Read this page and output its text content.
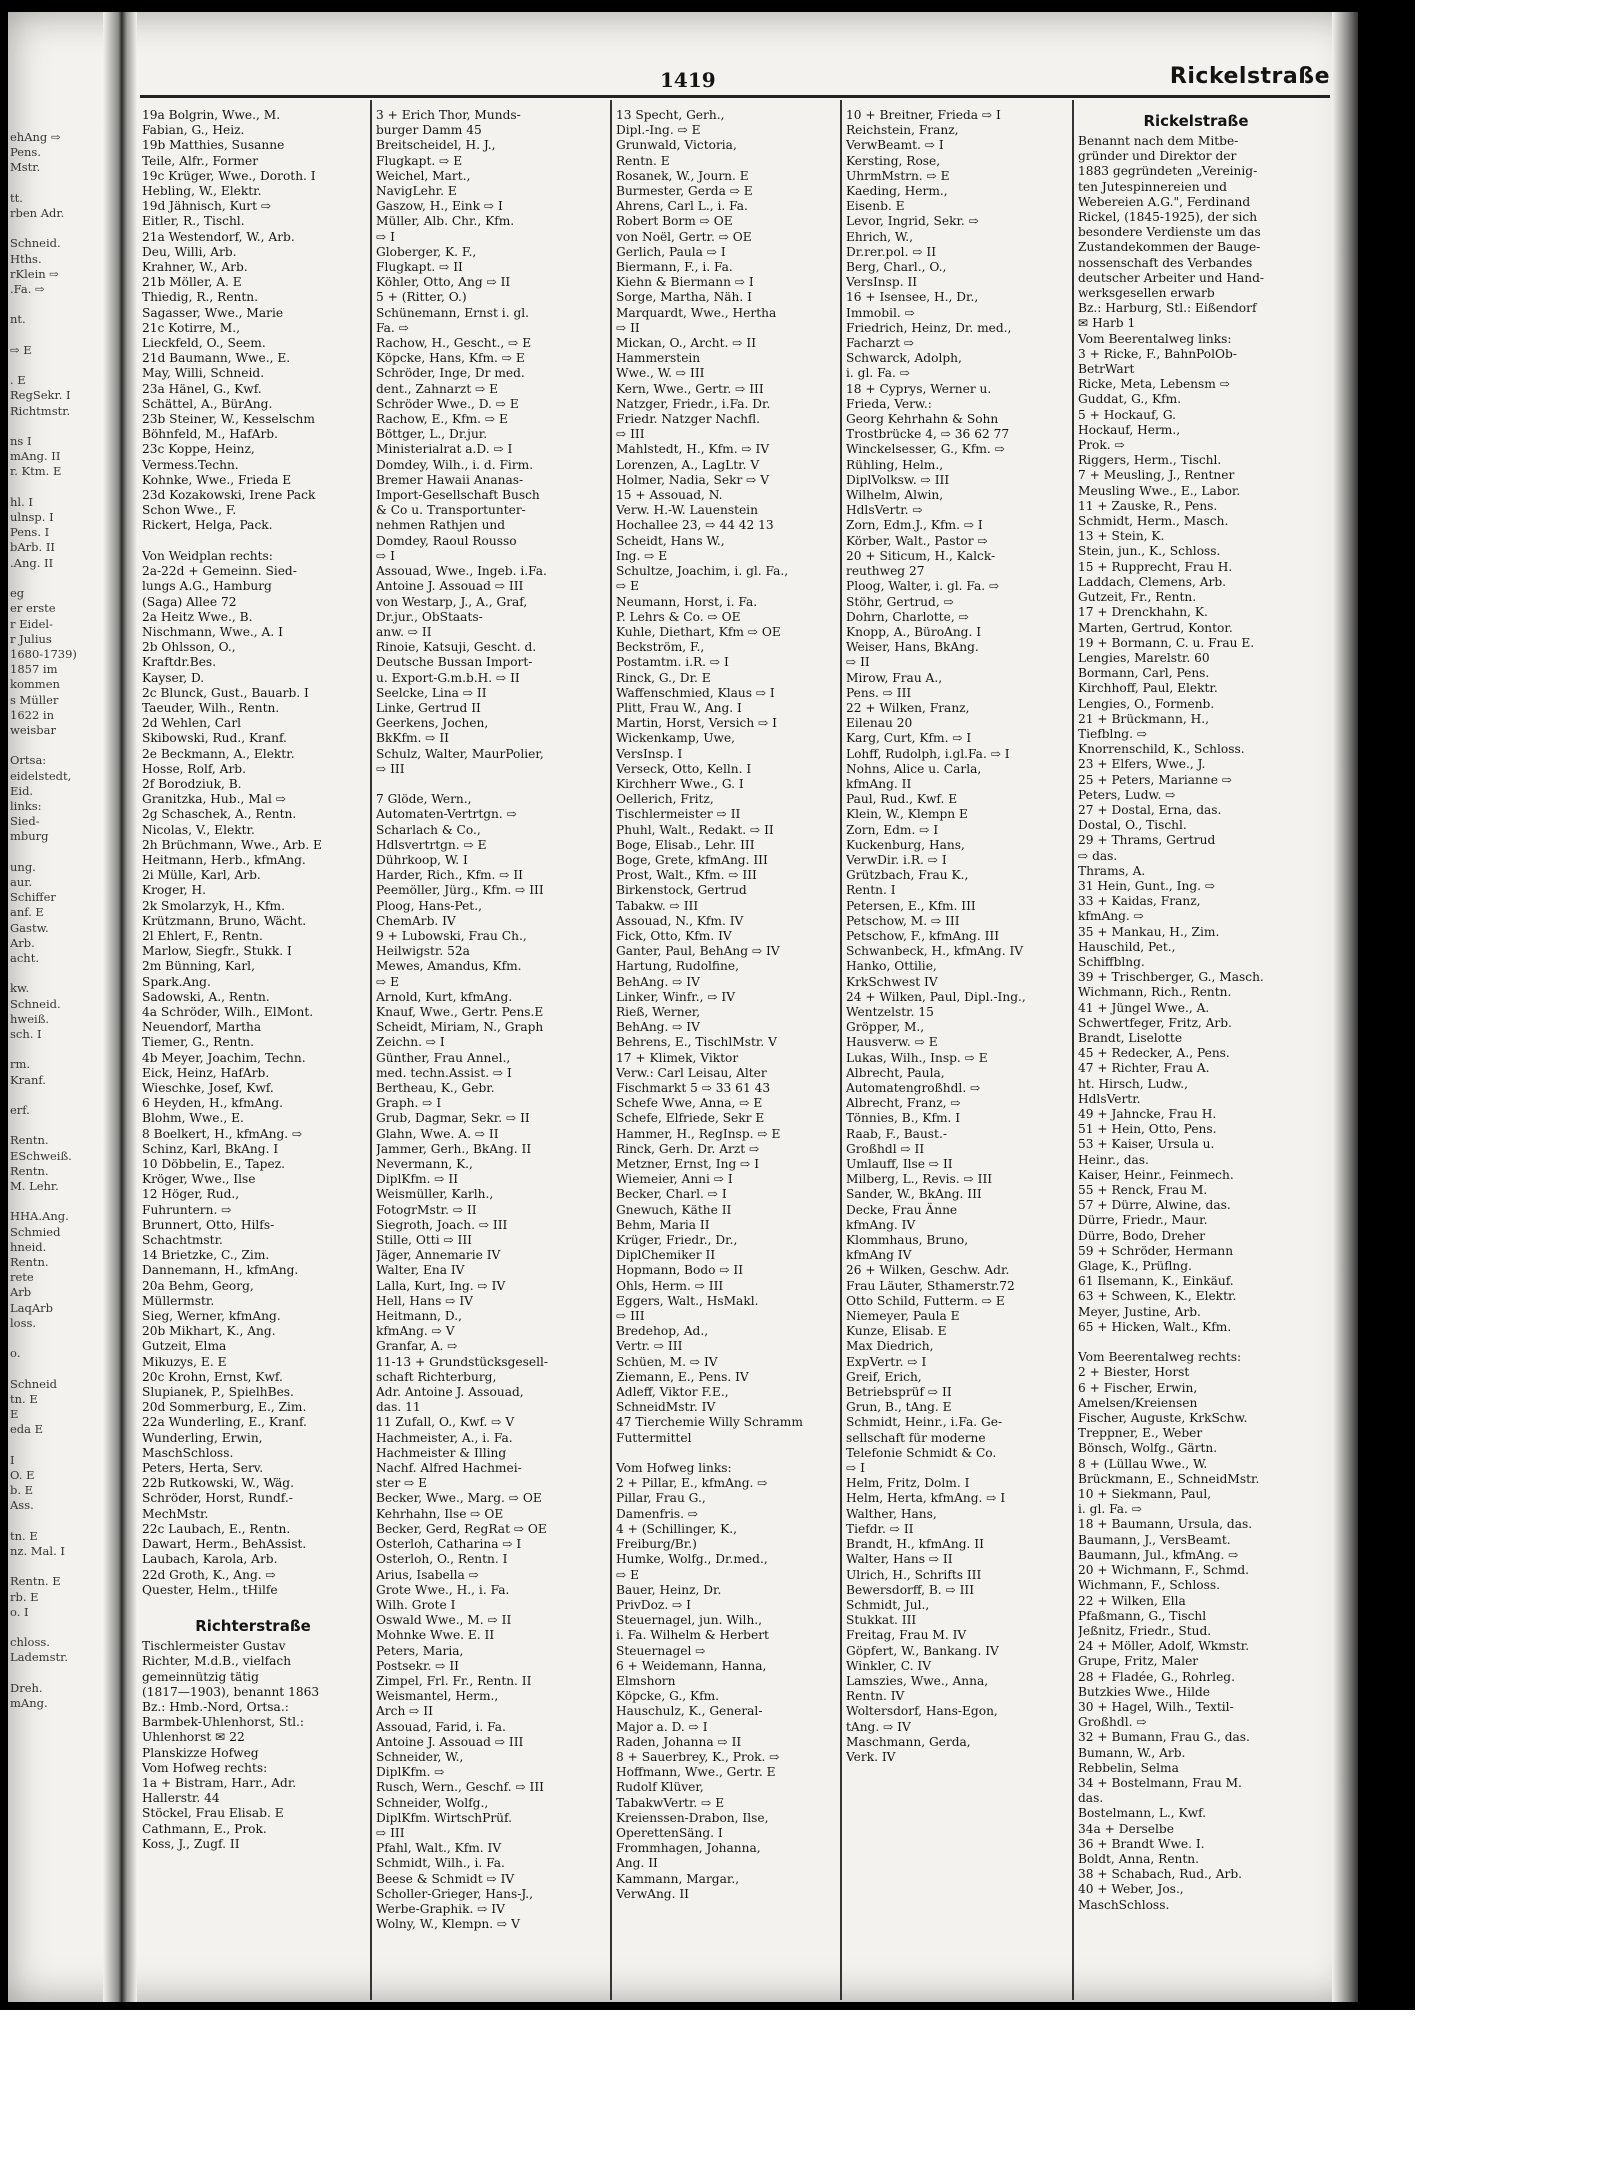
1419	Rickelstraße
ehAng ⇨
Pens.
Mstr.

tt.
rben Adr.

Schneid.
Hths.
rKlein ⇨
.Fa. ⇨

nt.

⇨ E

. E
RegSekr. I
Richtmstr.

ns I
mAng. II
r. Ktm. E

hl. I
ulnsp. I
Pens. I
bArb. II
.Ang. II

eg
er erste
r Eidel-
r Julius
1680-1739)
1857 im
kommen
s Müller
1622 in
weisbar

Ortsa:
eidelstedt,
Eid.
links:
Sied-
mburg

ung.
aur.
Schiffer
anf. E
Gastw.
Arb.
acht.

kw.
Schneid.
hweiß.
sch. I

rm.
Kranf.

erf.

Rentn.
ESchweiß.
Rentn.
M. Lehr.

HHA.Ang.
Schmied
hneid.
Rentn.
rete
Arb
LaqArb
loss.

o.

Schneid
tn. E
E
eda E

I
O. E
b. E
Ass.

tn. E
nz. Mal. I

Rentn. E
rb. E
o. I

chloss.
Lademstr.

Dreh.
mAng.
19a Bolgrin, Wwe., M.
Fabian, G., Heiz.
19b Matthies, Susanne
Teile, Alfr., Former
19c Krüger, Wwe., Doroth. I
Hebling, W., Elektr.
19d Jähnisch, Kurt ⇨
Eitler, R., Tischl.
21a Westendorf, W., Arb.
Deu, Willi, Arb.
Krahner, W., Arb.
21b Möller, A. E
Thiedig, R., Rentn.
Sagasser, Wwe., Marie
21c Kotirre, M.,
Lieckfeld, O., Seem.
21d Baumann, Wwe., E.
May, Willi, Schneid.
23a Hänel, G., Kwf.
Schättel, A., BürAng.
23b Steiner, W., Kesselschm
Böhnfeld, M., HafArb.
23c Koppe, Heinz,
Vermess.Techn.
Kohnke, Wwe., Frieda E
23d Kozakowski, Irene Pack
Schon Wwe., F.
Rickert, Helga, Pack.

Von Weidplan rechts:
2a-22d + Gemeinn. Sied-
lungs A.G., Hamburg
(Saga) Allee 72
2a Heitz Wwe., B.
Nischmann, Wwe., A. I
2b Ohlsson, O.,
Kraftdr.Bes.
Kayser, D.
2c Blunck, Gust., Bauarb. I
Taeuder, Wilh., Rentn.
2d Wehlen, Carl
Skibowski, Rud., Kranf.
2e Beckmann, A., Elektr.
Hosse, Rolf, Arb.
2f Borodziuk, B.
Granitzka, Hub., Mal ⇨
2g Schaschek, A., Rentn.
Nicolas, V., Elektr.
2h Brüchmann, Wwe., Arb. E
Heitmann, Herb., kfmAng.
2i Mülle, Karl, Arb.
Kroger, H.
2k Smolarzyk, H., Kfm.
Krützmann, Bruno, Wächt.
2l Ehlert, F., Rentn.
Marlow, Siegfr., Stukk. I
2m Bünning, Karl,
Spark.Ang.
Sadowski, A., Rentn.
4a Schröder, Wilh., ElMont.
Neuendorf, Martha
Tiemer, G., Rentn.
4b Meyer, Joachim, Techn.
Eick, Heinz, HafArb.
Wieschke, Josef, Kwf.
6 Heyden, H., kfmAng.
Blohm, Wwe., E.
8 Boelkert, H., kfmAng. ⇨
Schinz, Karl, BkAng. I
10 Döbbelin, E., Tapez.
Kröger, Wwe., Ilse
12 Höger, Rud.,
Fuhruntern. ⇨
Brunnert, Otto, Hilfs-
Schachtmstr.
14 Brietzke, C., Zim.
Dannemann, H., kfmAng.
20a Behm, Georg,
Müllermstr.
Sieg, Werner, kfmAng.
20b Mikhart, K., Ang.
Gutzeit, Elma
Mikuzys, E. E
20c Krohn, Ernst, Kwf.
Slupianek, P., SpielhBes.
20d Sommerburg, E., Zim.
22a Wunderling, E., Kranf.
Wunderling, Erwin,
MaschSchloss.
Peters, Herta, Serv.
22b Rutkowski, W., Wäg.
Schröder, Horst, Rundf.-
MechMstr.
22c Laubach, E., Rentn.
Dawart, Herm., BehAssist.
Laubach, Karola, Arb.
22d Groth, K., Ang. ⇨
Quester, Helm., tHilfe

Richterstraße
Tischlermeister Gustav
Richter, M.d.B., vielfach
gemeinnützig tätig
(1817—1903), benannt 1863
Bz.: Hmb.-Nord, Ortsa.:
Barmbek-Uhlenhorst, Stl.:
Uhlenhorst ✉ 22
Planskizze Hofweg
Vom Hofweg rechts:
1a + Bistram, Harr., Adr.
Hallerstr. 44
Stöckel, Frau Elisab. E
Cathmann, E., Prok.
Koss, J., Zugf. II
3 + Erich Thor, Munds-
burger Damm 45
Breitscheidel, H. J.,
Flugkapt. ⇨ E
Weichel, Mart.,
NavigLehr. E
Gaszow, H., Eink ⇨ I
Müller, Alb. Chr., Kfm.
⇨ I
Globerger, K. F.,
Flugkapt. ⇨ II
Köhler, Otto, Ang ⇨ II
5 + (Ritter, O.)
Schünemann, Ernst i. gl.
Fa. ⇨
Rachow, H., Gescht., ⇨ E
Köpcke, Hans, Kfm. ⇨ E
Schröder, Inge, Dr med.
dent., Zahnarzt ⇨ E
Schröder Wwe., D. ⇨ E
Rachow, E., Kfm. ⇨ E
Böttger, L., Dr.jur.
Ministerialrat a.D. ⇨ I
Domdey, Wilh., i. d. Firm.
Bremer Hawaii Ananas-
Import-Gesellschaft Busch
& Co u. Transportunter-
nehmen Rathjen und
Domdey, Raoul Rousso
⇨ I
Assouad, Wwe., Ingeb. i.Fa.
Antoine J. Assouad ⇨ III
von Westarp, J., A., Graf,
Dr.jur., ObStaats-
anw. ⇨ II
Rinoie, Katsuji, Gescht. d.
Deutsche Bussan Import-
u. Export-G.m.b.H. ⇨ II
Seelcke, Lina ⇨ II
Linke, Gertrud II
Geerkens, Jochen,
BkKfm. ⇨ II
Schulz, Walter, MaurPolier,
⇨ III

7 Glöde, Wern.,
Automaten-Vertrtgn. ⇨
Scharlach & Co.,
Hdlsvertrtgn. ⇨ E
Dührkoop, W. I
Harder, Rich., Kfm. ⇨ II
Peemöller, Jürg., Kfm. ⇨ III
Ploog, Hans-Pet.,
ChemArb. IV
9 + Lubowski, Frau Ch.,
Heilwigstr. 52a
Mewes, Amandus, Kfm.
⇨ E
Arnold, Kurt, kfmAng.
Knauf, Wwe., Gertr. Pens.E
Scheidt, Miriam, N., Graph
Zeichn. ⇨ I
Günther, Frau Annel.,
med. techn.Assist. ⇨ I
Bertheau, K., Gebr.
Graph. ⇨ I
Grub, Dagmar, Sekr. ⇨ II
Glahn, Wwe. A. ⇨ II
Jammer, Gerh., BkAng. II
Nevermann, K.,
DiplKfm. ⇨ II
Weismüller, Karlh.,
FotogrMstr. ⇨ II
Siegroth, Joach. ⇨ III
Stille, Otti ⇨ III
Jäger, Annemarie IV
Walter, Ena IV
Lalla, Kurt, Ing. ⇨ IV
Hell, Hans ⇨ IV
Heitmann, D.,
kfmAng. ⇨ V
Granfar, A. ⇨
11-13 + Grundstücksgesell-
schaft Richterburg,
Adr. Antoine J. Assouad,
das. 11
11 Zufall, O., Kwf. ⇨ V
Hachmeister, A., i. Fa.
Hachmeister & Illing
Nachf. Alfred Hachmei-
ster ⇨ E
Becker, Wwe., Marg. ⇨ OE
Kehrhahn, Ilse ⇨ OE
Becker, Gerd, RegRat ⇨ OE
Osterloh, Catharina ⇨ I
Osterloh, O., Rentn. I
Arius, Isabella ⇨
Grote Wwe., H., i. Fa.
Wilh. Grote I
Oswald Wwe., M. ⇨ II
Mohnke Wwe. E. II
Peters, Maria,
Postsekr. ⇨ II
Zimpel, Frl. Fr., Rentn. II
Weismantel, Herm.,
Arch ⇨ II
Assouad, Farid, i. Fa.
Antoine J. Assouad ⇨ III
Schneider, W.,
DiplKfm. ⇨
Rusch, Wern., Geschf. ⇨ III
Schneider, Wolfg.,
DiplKfm. WirtschPrüf.
⇨ III
Pfahl, Walt., Kfm. IV
Schmidt, Wilh., i. Fa.
Beese & Schmidt ⇨ IV
Scholler-Grieger, Hans-J.,
Werbe-Graphik. ⇨ IV
Wolny, W., Klempn. ⇨ V
13 Specht, Gerh.,
Dipl.-Ing. ⇨ E
Grunwald, Victoria,
Rentn. E
Rosanek, W., Journ. E
Burmester, Gerda ⇨ E
Ahrens, Carl L., i. Fa.
Robert Borm ⇨ OE
von Noël, Gertr. ⇨ OE
Gerlich, Paula ⇨ I
Biermann, F., i. Fa.
Kiehn & Biermann ⇨ I
Sorge, Martha, Näh. I
Marquardt, Wwe., Hertha
⇨ II
Mickan, O., Archt. ⇨ II
Hammerstein
Wwe., W. ⇨ III
Kern, Wwe., Gertr. ⇨ III
Natzger, Friedr., i.Fa. Dr.
Friedr. Natzger Nachfl.
⇨ III
Mahlstedt, H., Kfm. ⇨ IV
Lorenzen, A., LagLtr. V
Holmer, Nadia, Sekr ⇨ V
15 + Assouad, N.
Verw. H.-W. Lauenstein
Hochallee 23, ⇨ 44 42 13
Scheidt, Hans W.,
Ing. ⇨ E
Schultze, Joachim, i. gl. Fa.,
⇨ E
Neumann, Horst, i. Fa.
P. Lehrs & Co. ⇨ OE
Kuhle, Diethart, Kfm ⇨ OE
Beckström, F.,
Postamtm. i.R. ⇨ I
Rinck, G., Dr. E
Waffenschmied, Klaus ⇨ I
Plitt, Frau W., Ang. I
Martin, Horst, Versich ⇨ I
Wickenkamp, Uwe,
VersInsp. I
Verseck, Otto, Kelln. I
Kirchherr Wwe., G. I
Oellerich, Fritz,
Tischlermeister ⇨ II
Phuhl, Walt., Redakt. ⇨ II
Boge, Elisab., Lehr. III
Boge, Grete, kfmAng. III
Prost, Walt., Kfm. ⇨ III
Birkenstock, Gertrud
Tabakw. ⇨ III
Assouad, N., Kfm. IV
Fick, Otto, Kfm. IV
Ganter, Paul, BehAng ⇨ IV
Hartung, Rudolfine,
BehAng. ⇨ IV
Linker, Winfr., ⇨ IV
Rieß, Werner,
BehAng. ⇨ IV
Behrens, E., TischlMstr. V
17 + Klimek, Viktor
Verw.: Carl Leisau, Alter
Fischmarkt 5 ⇨ 33 61 43
Schefe Wwe, Anna, ⇨ E
Schefe, Elfriede, Sekr E
Hammer, H., RegInsp. ⇨ E
Rinck, Gerh. Dr. Arzt ⇨
Metzner, Ernst, Ing ⇨ I
Wiemeier, Anni ⇨ I
Becker, Charl. ⇨ I
Gnewuch, Käthe II
Behm, Maria II
Krüger, Friedr., Dr.,
DiplChemiker II
Hopmann, Bodo ⇨ II
Ohls, Herm. ⇨ III
Eggers, Walt., HsMakl.
⇨ III
Bredehop, Ad.,
Vertr. ⇨ III
Schüen, M. ⇨ IV
Ziemann, E., Pens. IV
Adleff, Viktor F.E.,
SchneidMstr. IV
47 Tierchemie Willy Schramm
Futtermittel

Vom Hofweg links:
2 + Pillar, E., kfmAng. ⇨
Pillar, Frau G.,
Damenfris. ⇨
4 + (Schillinger, K.,
Freiburg/Br.)
Humke, Wolfg., Dr.med.,
⇨ E
Bauer, Heinz, Dr.
PrivDoz. ⇨ I
Steuernagel, jun. Wilh.,
i. Fa. Wilhelm & Herbert
Steuernagel ⇨
6 + Weidemann, Hanna,
Elmshorn
Köpcke, G., Kfm.
Hauschulz, K., General-
Major a. D. ⇨ I
Raden, Johanna ⇨ II
8 + Sauerbrey, K., Prok. ⇨
Hoffmann, Wwe., Gertr. E
Rudolf Klüver,
TabakwVertr. ⇨ E
Kreienssen-Drabon, Ilse,
OperettenSäng. I
Frommhagen, Johanna,
Ang. II
Kammann, Margar.,
VerwAng. II
10 + Breitner, Frieda ⇨ I
Reichstein, Franz,
VerwBeamt. ⇨ I
Kersting, Rose,
UhrmMstrn. ⇨ E
Kaeding, Herm.,
Eisenb. E
Levor, Ingrid, Sekr. ⇨
Ehrich, W.,
Dr.rer.pol. ⇨ II
Berg, Charl., O.,
VersInsp. II
16 + Isensee, H., Dr.,
Immobil. ⇨
Friedrich, Heinz, Dr. med.,
Facharzt ⇨
Schwarck, Adolph,
i. gl. Fa. ⇨
18 + Cyprys, Werner u.
Frieda, Verw.:
Georg Kehrhahn & Sohn
Trostbrücke 4, ⇨ 36 62 77
Winckelsesser, G., Kfm. ⇨
Rühling, Helm.,
DiplVolksw. ⇨ III
Wilhelm, Alwin,
HdlsVertr. ⇨
Zorn, Edm.J., Kfm. ⇨ I
Körber, Walt., Pastor ⇨
20 + Siticum, H., Kalck-
reuthweg 27
Ploog, Walter, i. gl. Fa. ⇨
Stöhr, Gertrud, ⇨
Dohrn, Charlotte, ⇨
Knopp, A., BüroAng. I
Weiser, Hans, BkAng.
⇨ II
Mirow, Frau A.,
Pens. ⇨ III
22 + Wilken, Franz,
Eilenau 20
Karg, Curt, Kfm. ⇨ I
Lohff, Rudolph, i.gl.Fa. ⇨ I
Nohns, Alice u. Carla,
kfmAng. II
Paul, Rud., Kwf. E
Klein, W., Klempn E
Zorn, Edm. ⇨ I
Kuckenburg, Hans,
VerwDir. i.R. ⇨ I
Grützbach, Frau K.,
Rentn. I
Petersen, E., Kfm. III
Petschow, M. ⇨ III
Petschow, F., kfmAng. III
Schwanbeck, H., kfmAng. IV
Hanko, Ottilie,
KrkSchwest IV
24 + Wilken, Paul, Dipl.-Ing.,
Wentzelstr. 15
Gröpper, M.,
Hausverw. ⇨ E
Lukas, Wilh., Insp. ⇨ E
Albrecht, Paula,
Automatengroßhdl. ⇨
Albrecht, Franz, ⇨
Tönnies, B., Kfm. I
Raab, F., Baust.-
Großhdl ⇨ II
Umlauff, Ilse ⇨ II
Milberg, L., Revis. ⇨ III
Sander, W., BkAng. III
Decke, Frau Änne
kfmAng. IV
Klommhaus, Bruno,
kfmAng IV
26 + Wilken, Geschw. Adr.
Frau Läuter, Sthamerstr.72
Otto Schild, Futterm. ⇨ E
Niemeyer, Paula E
Kunze, Elisab. E
Max Diedrich,
ExpVertr. ⇨ I
Greif, Erich,
Betriebsprüf ⇨ II
Grun, B., tAng. E
Schmidt, Heinr., i.Fa. Ge-
sellschaft für moderne
Telefonie Schmidt & Co.
⇨ I
Helm, Fritz, Dolm. I
Helm, Herta, kfmAng. ⇨ I
Walther, Hans,
Tiefdr. ⇨ II
Brandt, H., kfmAng. II
Walter, Hans ⇨ II
Ulrich, H., Schrifts III
Bewersdorff, B. ⇨ III
Schmidt, Jul.,
Stukkat. III
Freitag, Frau M. IV
Göpfert, W., Bankang. IV
Winkler, C. IV
Lamszies, Wwe., Anna,
Rentn. IV
Woltersdorf, Hans-Egon,
tAng. ⇨ IV
Maschmann, Gerda,
Verk. IV
Rickelstraße
Benannt nach dem Mitbe-
gründer und Direktor der
1883 gegründeten „Vereinig-
ten Jutespinnereien und
Webereien A.G.", Ferdinand
Rickel, (1845-1925), der sich
besondere Verdienste um das
Zustandekommen der Bauge-
nossenschaft des Verbandes
deutscher Arbeiter und Hand-
werksgesellen erwarb
Bz.: Harburg, Stl.: Eißendorf
✉ Harb 1
Vom Beerentalweg links:
3 + Ricke, F., BahnPolOb-
BetrWart
Ricke, Meta, Lebensm ⇨
Guddat, G., Kfm.
5 + Hockauf, G.
Hockauf, Herm.,
Prok. ⇨
Riggers, Herm., Tischl.
7 + Meusling, J., Rentner
Meusling Wwe., E., Labor.
11 + Zauske, R., Pens.
Schmidt, Herm., Masch.
13 + Stein, K.
Stein, jun., K., Schloss.
15 + Rupprecht, Frau H.
Laddach, Clemens, Arb.
Gutzeit, Fr., Rentn.
17 + Drenckhahn, K.
Marten, Gertrud, Kontor.
19 + Bormann, C. u. Frau E.
Lengies, Marelstr. 60
Bormann, Carl, Pens.
Kirchhoff, Paul, Elektr.
Lengies, O., Formenb.
21 + Brückmann, H.,
Tiefblng. ⇨
Knorrenschild, K., Schloss.
23 + Elfers, Wwe., J.
25 + Peters, Marianne ⇨
Peters, Ludw. ⇨
27 + Dostal, Erna, das.
Dostal, O., Tischl.
29 + Thrams, Gertrud
⇨ das.
Thrams, A.
31 Hein, Gunt., Ing. ⇨
33 + Kaidas, Franz,
kfmAng. ⇨
35 + Mankau, H., Zim.
Hauschild, Pet.,
Schiffblng.
39 + Trischberger, G., Masch.
Wichmann, Rich., Rentn.
41 + Jüngel Wwe., A.
Schwertfeger, Fritz, Arb.
Brandt, Liselotte
45 + Redecker, A., Pens.
47 + Richter, Frau A.
ht. Hirsch, Ludw.,
HdlsVertr.
49 + Jahncke, Frau H.
51 + Hein, Otto, Pens.
53 + Kaiser, Ursula u.
Heinr., das.
Kaiser, Heinr., Feinmech.
55 + Renck, Frau M.
57 + Dürre, Alwine, das.
Dürre, Friedr., Maur.
Dürre, Bodo, Dreher
59 + Schröder, Hermann
Glage, K., Prüflng.
61 Ilsemann, K., Einkäuf.
63 + Schween, K., Elektr.
Meyer, Justine, Arb.
65 + Hicken, Walt., Kfm.

Vom Beerentalweg rechts:
2 + Biester, Horst
6 + Fischer, Erwin,
Amelsen/Kreiensen
Fischer, Auguste, KrkSchw.
Treppner, E., Weber
Bönsch, Wolfg., Gärtn.
8 + (Lüllau Wwe., W.
Brückmann, E., SchneidMstr.
10 + Siekmann, Paul,
i. gl. Fa. ⇨
18 + Baumann, Ursula, das.
Baumann, J., VersBeamt.
Baumann, Jul., kfmAng. ⇨
20 + Wichmann, F., Schmd.
Wichmann, F., Schloss.
22 + Wilken, Ella
Pfaßmann, G., Tischl
Jeßnitz, Friedr., Stud.
24 + Möller, Adolf, Wkmstr.
Grupe, Fritz, Maler
28 + Fladée, G., Rohrleg.
Butzkies Wwe., Hilde
30 + Hagel, Wilh., Textil-
Großhdl. ⇨
32 + Bumann, Frau G., das.
Bumann, W., Arb.
Rebbelin, Selma
34 + Bostelmann, Frau M.
das.
Bostelmann, L., Kwf.
34a + Derselbe
36 + Brandt Wwe. I.
Boldt, Anna, Rentn.
38 + Schabach, Rud., Arb.
40 + Weber, Jos.,
MaschSchloss.
